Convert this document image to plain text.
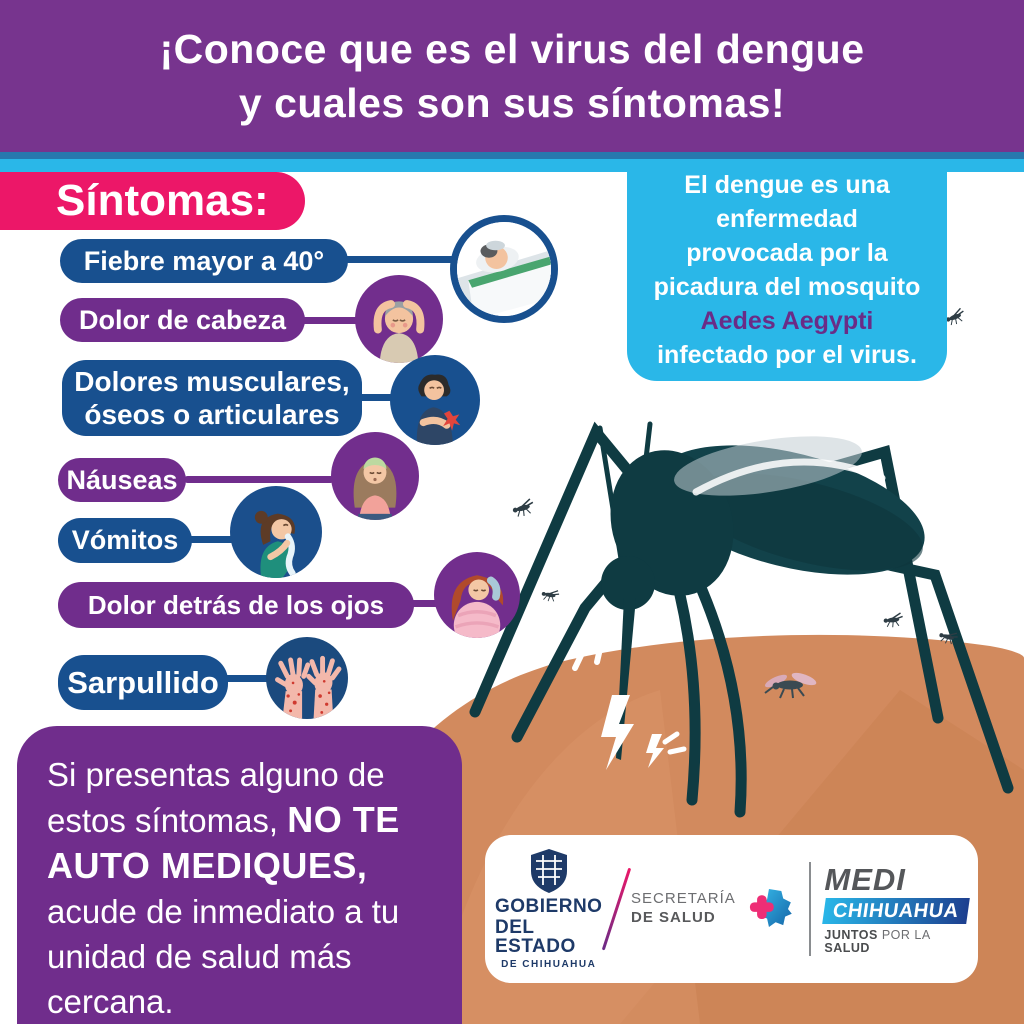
¡Conoce que es el virus del dengue
y cuales son sus síntomas!
Síntomas:
Fiebre mayor a 40°
Dolor de cabeza
Dolores musculares,
óseos o articulares
Náuseas
Vómitos
Dolor detrás de los ojos
Sarpullido
El dengue es una
enfermedad
provocada por la
picadura del mosquito
Aedes Aegypti
infectado por el virus.
Si presentas alguno de
estos síntomas, NO TE
AUTO MEDIQUES,
acude de inmediato a tu
unidad de salud más
cercana.
GOBIERNO
DEL ESTADO
DE CHIHUAHUA
SECRETARÍA
DE SALUD
MEDI
CHIHUAHUA
JUNTOS POR LA SALUD
